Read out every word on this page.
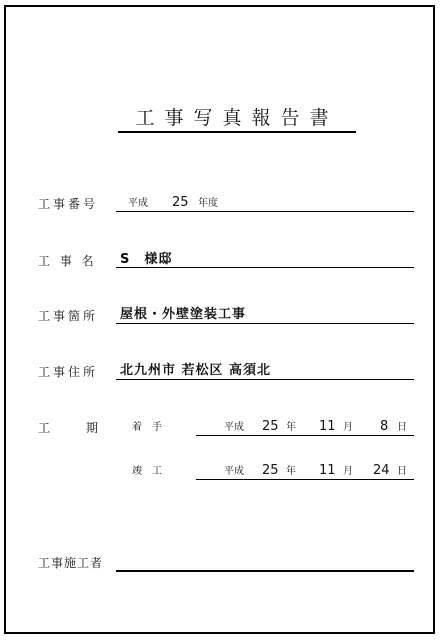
工事写真報告書
工事番号	平成 25 年度
工 事 名 S　様邸
工事箇所 屋根・外壁塗装工事
工事住所 北九州市 若松区 高須北
工　　期	着　手	平成 25 年 11 月 8 日
竣　工	平成 25 年 11 月 24 日
工事施工者
